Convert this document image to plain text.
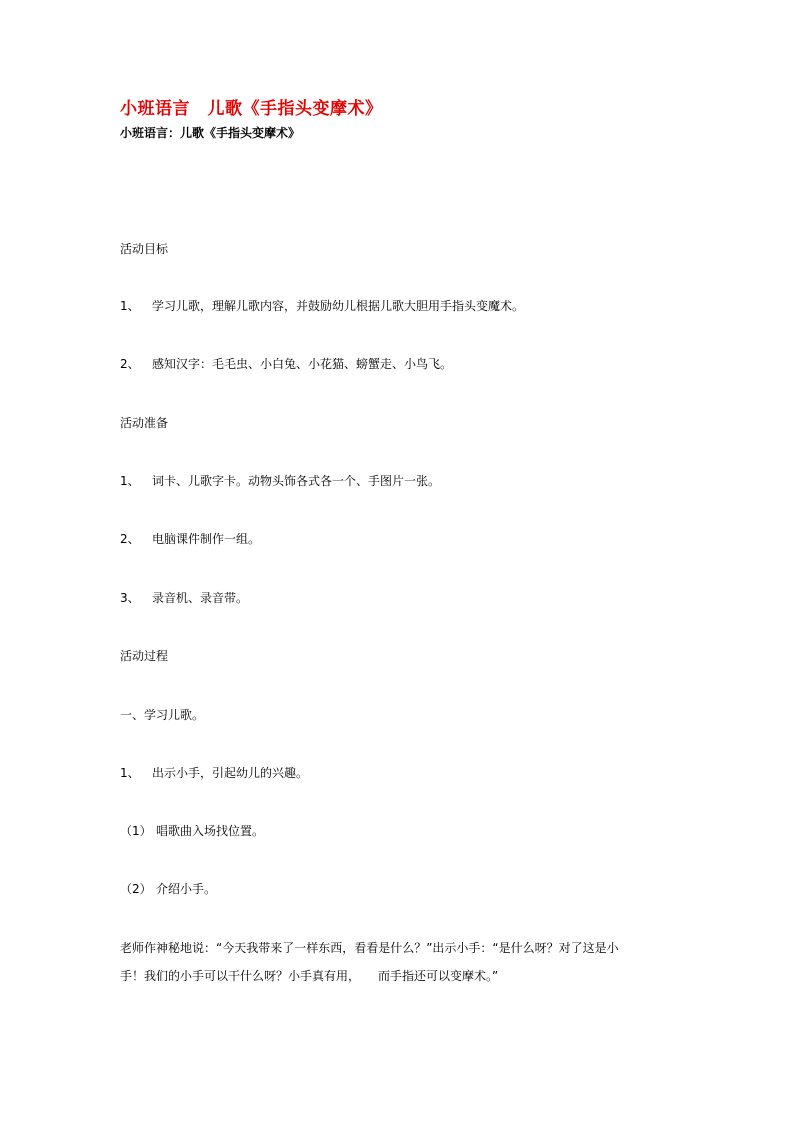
小班语言　儿歌《手指头变摩术》
小班语言：儿歌《手指头变摩术》
活动目标
1、 学习儿歌，理解儿歌内容，并鼓励幼儿根据儿歌大胆用手指头变魔术。
2、 感知汉字：毛毛虫、小白兔、小花猫、螃蟹走、小鸟飞。
活动准备
1、 词卡、儿歌字卡。动物头饰各式各一个、手图片一张。
2、 电脑课件制作一组。
3、 录音机、录音带。
活动过程
一、学习儿歌。
1、 出示小手，引起幼儿的兴趣。
（1） 唱歌曲入场找位置。
（2） 介绍小手。
老师作神秘地说：“今天我带来了一样东西，看看是什么？”出示小手：“是什么呀？对了这是小
手！我们的小手可以干什么呀？小手真有用，　　而手指还可以变摩术。”
